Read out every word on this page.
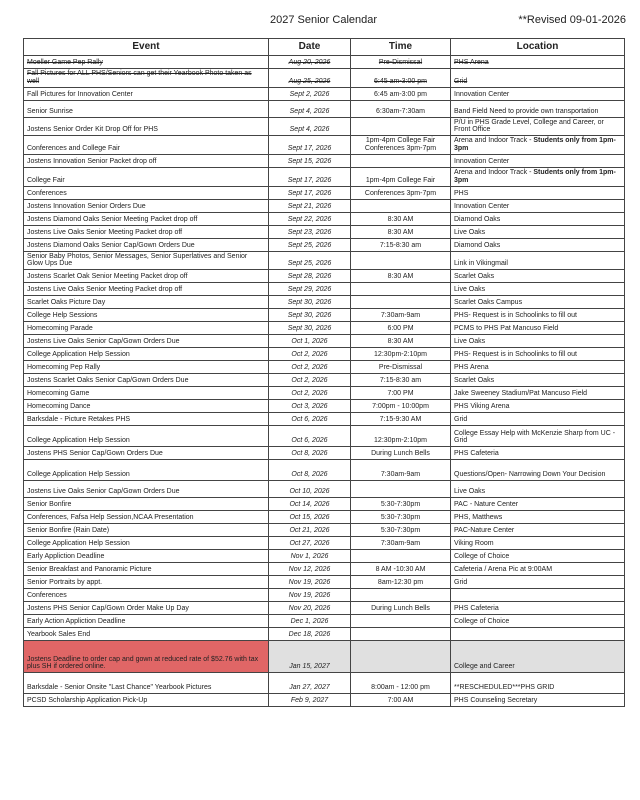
2027 Senior Calendar	**Revised 09-01-2026
Event	Date	Time	Location
Moeller Game Pep Rally	Aug 20, 2026	Pre-Dismissal	PHS Arena
Fall Pictures for ALL PHS/Seniors can get their Yearbook Photo taken as well	Aug 25, 2026	6:45 am-3:00 pm	Grid
Fall Pictures for Innovation Center	Sept 2, 2026	6:45 am-3:00 pm	Innovation Center
Senior Sunrise	Sept 4, 2026	6:30am-7:30am	Band Field Need to provide own transportation
Jostens Senior Order Kit Drop Off for PHS	Sept 4, 2026		P/U in PHS Grade Level, College and Career, or Front Office
Conferences and College Fair	Sept 17, 2026	1pm-4pm College Fair Conferences 3pm-7pm	Arena and Indoor Track - Students only from 1pm-3pm
Jostens Innovation Senior Packet drop off	Sept 15, 2026		Innovation Center
College Fair	Sept 17, 2026	1pm-4pm College Fair	Arena and Indoor Track - Students only from 1pm-3pm
Conferences	Sept 17, 2026	Conferences 3pm-7pm	PHS
Jostens Innovation Senior Orders Due	Sept 21, 2026		Innovation Center
Jostens Diamond Oaks Senior Meeting Packet drop off	Sept 22, 2026	8:30 AM	Diamond Oaks
Jostens Live Oaks Senior Meeting Packet drop off	Sept 23, 2026	8:30 AM	Live Oaks
Jostens Diamond Oaks Senior Cap/Gown Orders Due	Sept 25, 2026	7:15-8:30 am	Diamond Oaks
Senior Baby Photos, Senior Messages, Senior Superlatives and Senior Glow Ups Due	Sept 25, 2026		Link in Vikingmail
Jostens Scarlet Oak Senior Meeting Packet drop off	Sept 28, 2026	8:30 AM	Scarlet Oaks
Jostens Live Oaks Senior Meeting Packet drop off	Sept 29, 2026		Live Oaks
Scarlet Oaks Picture Day	Sept 30, 2026		Scarlet Oaks Campus
College Help Sessions	Sept 30, 2026	7:30am-9am	PHS- Request is in Schoolinks to fill out
Homecoming Parade	Sept 30, 2026	6:00 PM	PCMS to PHS Pat Mancuso Field
Jostens Live Oaks Senior Cap/Gown Orders Due	Oct 1, 2026	8:30 AM	Live Oaks
College Application Help Session	Oct 2, 2026	12:30pm-2:10pm	PHS- Request is in Schoolinks to fill out
Homecoming Pep Rally	Oct 2, 2026	Pre-Dismissal	PHS Arena
Jostens Scarlet Oaks Senior Cap/Gown Orders Due	Oct 2, 2026	7:15-8:30 am	Scarlet Oaks
Homecoming Game	Oct 2, 2026	7:00 PM	Jake Sweeney Stadium/Pat Mancuso Field
Homecoming Dance	Oct 3, 2026	7:00pm - 10:00pm	PHS Viking Arena
Barksdale - Picture Retakes PHS	Oct 6, 2026	7:15-9:30 AM	Grid
College Application Help Session	Oct 6, 2026	12:30pm-2:10pm	College Essay Help with McKenzie Sharp from UC - Grid
Jostens PHS Senior Cap/Gown Orders Due	Oct 8, 2026	During Lunch Bells	PHS Cafeteria
College Application Help Session	Oct 8, 2026	7:30am-9am	Questions/Open- Narrowing Down Your Decision
Jostens Live Oaks Senior Cap/Gown Orders Due	Oct 10, 2026		Live Oaks
Senior Bonfire	Oct 14, 2026	5:30-7:30pm	PAC - Nature Center
Conferences, Fafsa Help Session,NCAA Presentation	Oct 15, 2026	5:30-7:30pm	PHS, Matthews
Senior Bonfire (Rain Date)	Oct 21, 2026	5:30-7:30pm	PAC-Nature Center
College Application Help Session	Oct 27, 2026	7:30am-9am	Viking Room
Early Appliction Deadline	Nov 1, 2026		College of Choice
Senior Breakfast and Panoramic Picture	Nov 12, 2026	8 AM -10:30 AM	Cafeteria / Arena Pic at 9:00AM
Senior Portraits by appt.	Nov 19, 2026	8am-12:30 pm	Grid
Conferences	Nov 19, 2026		
Jostens PHS Senior Cap/Gown Order Make Up Day	Nov 20, 2026	During Lunch Bells	PHS Cafeteria
Early Action Appliction Deadline	Dec 1, 2026		College of Choice
Yearbook Sales End	Dec 18, 2026		
Jostens Deadline to order cap and gown at reduced rate of $52.76 with tax plus SH if ordered online.	Jan 15, 2027		College and Career
Barksdale - Senior Onsite "Last Chance" Yearbook Pictures	Jan 27, 2027	8:00am - 12:00 pm	**RESCHEDULED***PHS GRID
PCSD Scholarship Application Pick-Up	Feb 9, 2027	7:00 AM	PHS Counseling Secretary
